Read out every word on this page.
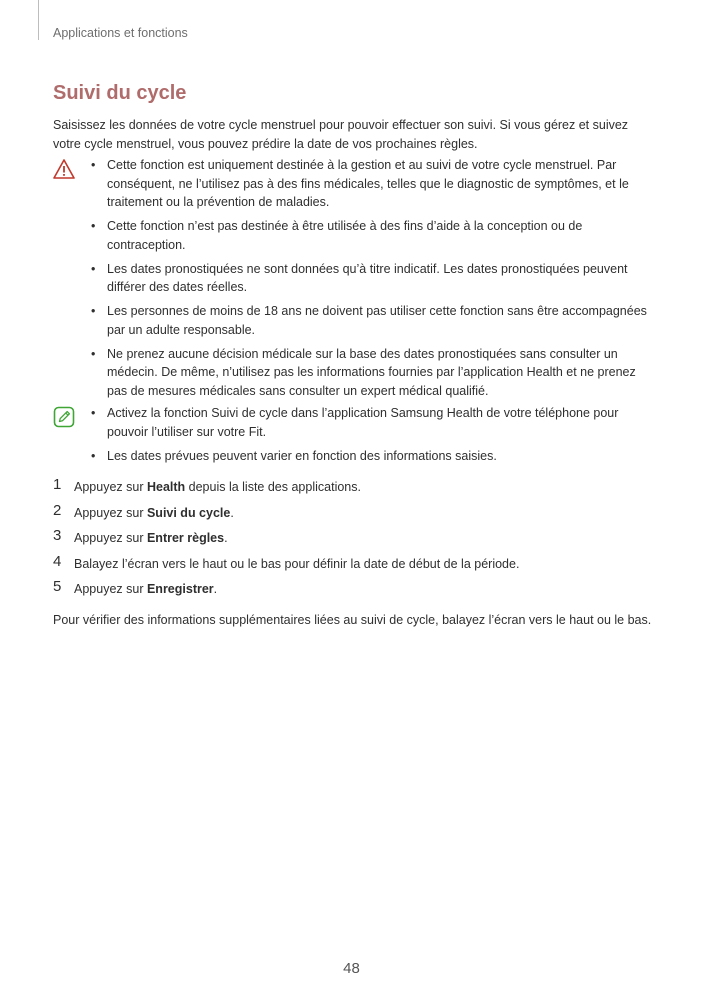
Applications et fonctions
Suivi du cycle

Saisissez les données de votre cycle menstruel pour pouvoir effectuer son suivi. Si vous gérez et suivez votre cycle menstruel, vous pouvez prédire la date de vos prochaines règles.

• Cette fonction est uniquement destinée à la gestion et au suivi de votre cycle menstruel. Par conséquent, ne l’utilisez pas à des fins médicales, telles que le diagnostic de symptômes, et le traitement ou la prévention de maladies.
• Cette fonction n’est pas destinée à être utilisée à des fins d’aide à la conception ou de contraception.
• Les dates pronostiquées ne sont données qu’à titre indicatif. Les dates pronostiquées peuvent différer des dates réelles.
• Les personnes de moins de 18 ans ne doivent pas utiliser cette fonction sans être accompagnées par un adulte responsable.
• Ne prenez aucune décision médicale sur la base des dates pronostiquées sans consulter un médecin. De même, n’utilisez pas les informations fournies par l’application Health et ne prenez pas de mesures médicales sans consulter un expert médical qualifié.
• Activez la fonction Suivi de cycle dans l’application Samsung Health de votre téléphone pour pouvoir l’utiliser sur votre Fit.
• Les dates prévues peuvent varier en fonction des informations saisies.
1 Appuyez sur Health depuis la liste des applications.
2 Appuyez sur Suivi du cycle.
3 Appuyez sur Entrer règles.
4 Balayez l’écran vers le haut ou le bas pour définir la date de début de la période.
5 Appuyez sur Enregistrer.

Pour vérifier des informations supplémentaires liées au suivi de cycle, balayez l’écran vers le haut ou le bas.

48
